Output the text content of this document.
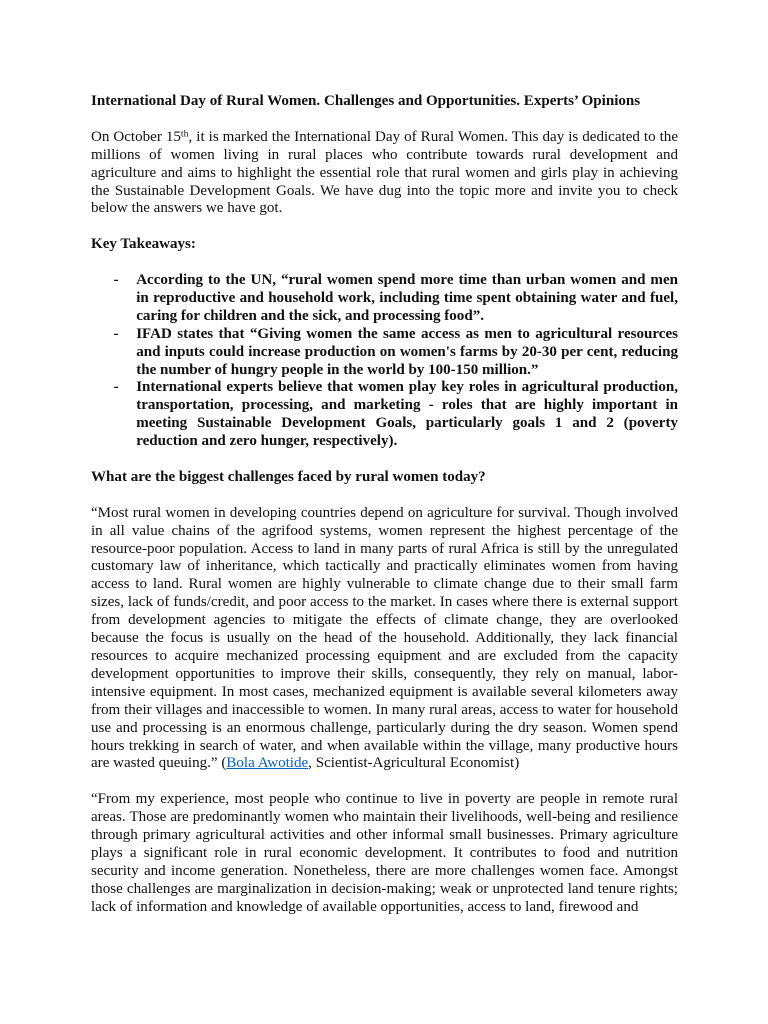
International Day of Rural Women. Challenges and Opportunities. Experts’ Opinions

On October 15th, it is marked the International Day of Rural Women. This day is dedicated to the millions of women living in rural places who contribute towards rural development and agriculture and aims to highlight the essential role that rural women and girls play in achieving the Sustainable Development Goals. We have dug into the topic more and invite you to check below the answers we have got.

Key Takeaways:

- According to the UN, “rural women spend more time than urban women and men in reproductive and household work, including time spent obtaining water and fuel, caring for children and the sick, and processing food”.
- IFAD states that “Giving women the same access as men to agricultural resources and inputs could increase production on women's farms by 20-30 per cent, reducing the number of hungry people in the world by 100-150 million.”
- International experts believe that women play key roles in agricultural production, transportation, processing, and marketing - roles that are highly important in meeting Sustainable Development Goals, particularly goals 1 and 2 (poverty reduction and zero hunger, respectively).

What are the biggest challenges faced by rural women today?

“Most rural women in developing countries depend on agriculture for survival. Though involved in all value chains of the agrifood systems, women represent the highest percentage of the resource-poor population. Access to land in many parts of rural Africa is still by the unregulated customary law of inheritance, which tactically and practically eliminates women from having access to land. Rural women are highly vulnerable to climate change due to their small farm sizes, lack of funds/credit, and poor access to the market. In cases where there is external support from development agencies to mitigate the effects of climate change, they are overlooked because the focus is usually on the head of the household. Additionally, they lack financial resources to acquire mechanized processing equipment and are excluded from the capacity development opportunities to improve their skills, consequently, they rely on manual, labor-intensive equipment. In most cases, mechanized equipment is available several kilometers away from their villages and inaccessible to women. In many rural areas, access to water for household use and processing is an enormous challenge, particularly during the dry season. Women spend hours trekking in search of water, and when available within the village, many productive hours are wasted queuing.” (Bola Awotide, Scientist-Agricultural Economist)

“From my experience, most people who continue to live in poverty are people in remote rural areas. Those are predominantly women who maintain their livelihoods, well-being and resilience through primary agricultural activities and other informal small businesses. Primary agriculture plays a significant role in rural economic development. It contributes to food and nutrition security and income generation. Nonetheless, there are more challenges women face. Amongst those challenges are marginalization in decision-making; weak or unprotected land tenure rights; lack of information and knowledge of available opportunities, access to land, firewood and
